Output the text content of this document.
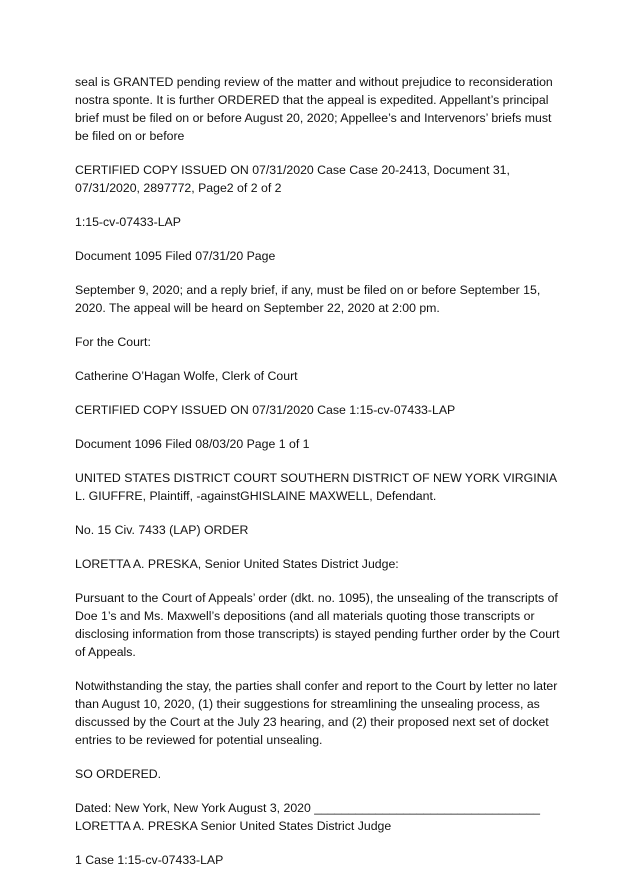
seal is GRANTED pending review of the matter and without prejudice to reconsideration nostra sponte. It is further ORDERED that the appeal is expedited. Appellant’s principal brief must be filed on or before August 20, 2020; Appellee’s and Intervenors’ briefs must be filed on or before

CERTIFIED COPY ISSUED ON 07/31/2020 Case Case 20-2413, Document 31, 07/31/2020, 2897772, Page2 of 2 of 2

1:15-cv-07433-LAP

Document 1095 Filed 07/31/20 Page

September 9, 2020; and a reply brief, if any, must be filed on or before September 15, 2020. The appeal will be heard on September 22, 2020 at 2:00 pm.

For the Court:

Catherine O’Hagan Wolfe, Clerk of Court

CERTIFIED COPY ISSUED ON 07/31/2020 Case 1:15-cv-07433-LAP

Document 1096 Filed 08/03/20 Page 1 of 1

UNITED STATES DISTRICT COURT SOUTHERN DISTRICT OF NEW YORK VIRGINIA L. GIUFFRE, Plaintiff, -againstGHISLAINE MAXWELL, Defendant.

No. 15 Civ. 7433 (LAP) ORDER

LORETTA A. PRESKA, Senior United States District Judge:

Pursuant to the Court of Appeals’ order (dkt. no. 1095), the unsealing of the transcripts of Doe 1’s and Ms. Maxwell’s depositions (and all materials quoting those transcripts or disclosing information from those transcripts) is stayed pending further order by the Court of Appeals.

Notwithstanding the stay, the parties shall confer and report to the Court by letter no later than August 10, 2020, (1) their suggestions for streamlining the unsealing process, as discussed by the Court at the July 23 hearing, and (2) their proposed next set of docket entries to be reviewed for potential unsealing.

SO ORDERED.

Dated: New York, New York August 3, 2020 _________________________________ LORETTA A. PRESKA Senior United States District Judge

1 Case 1:15-cv-07433-LAP
